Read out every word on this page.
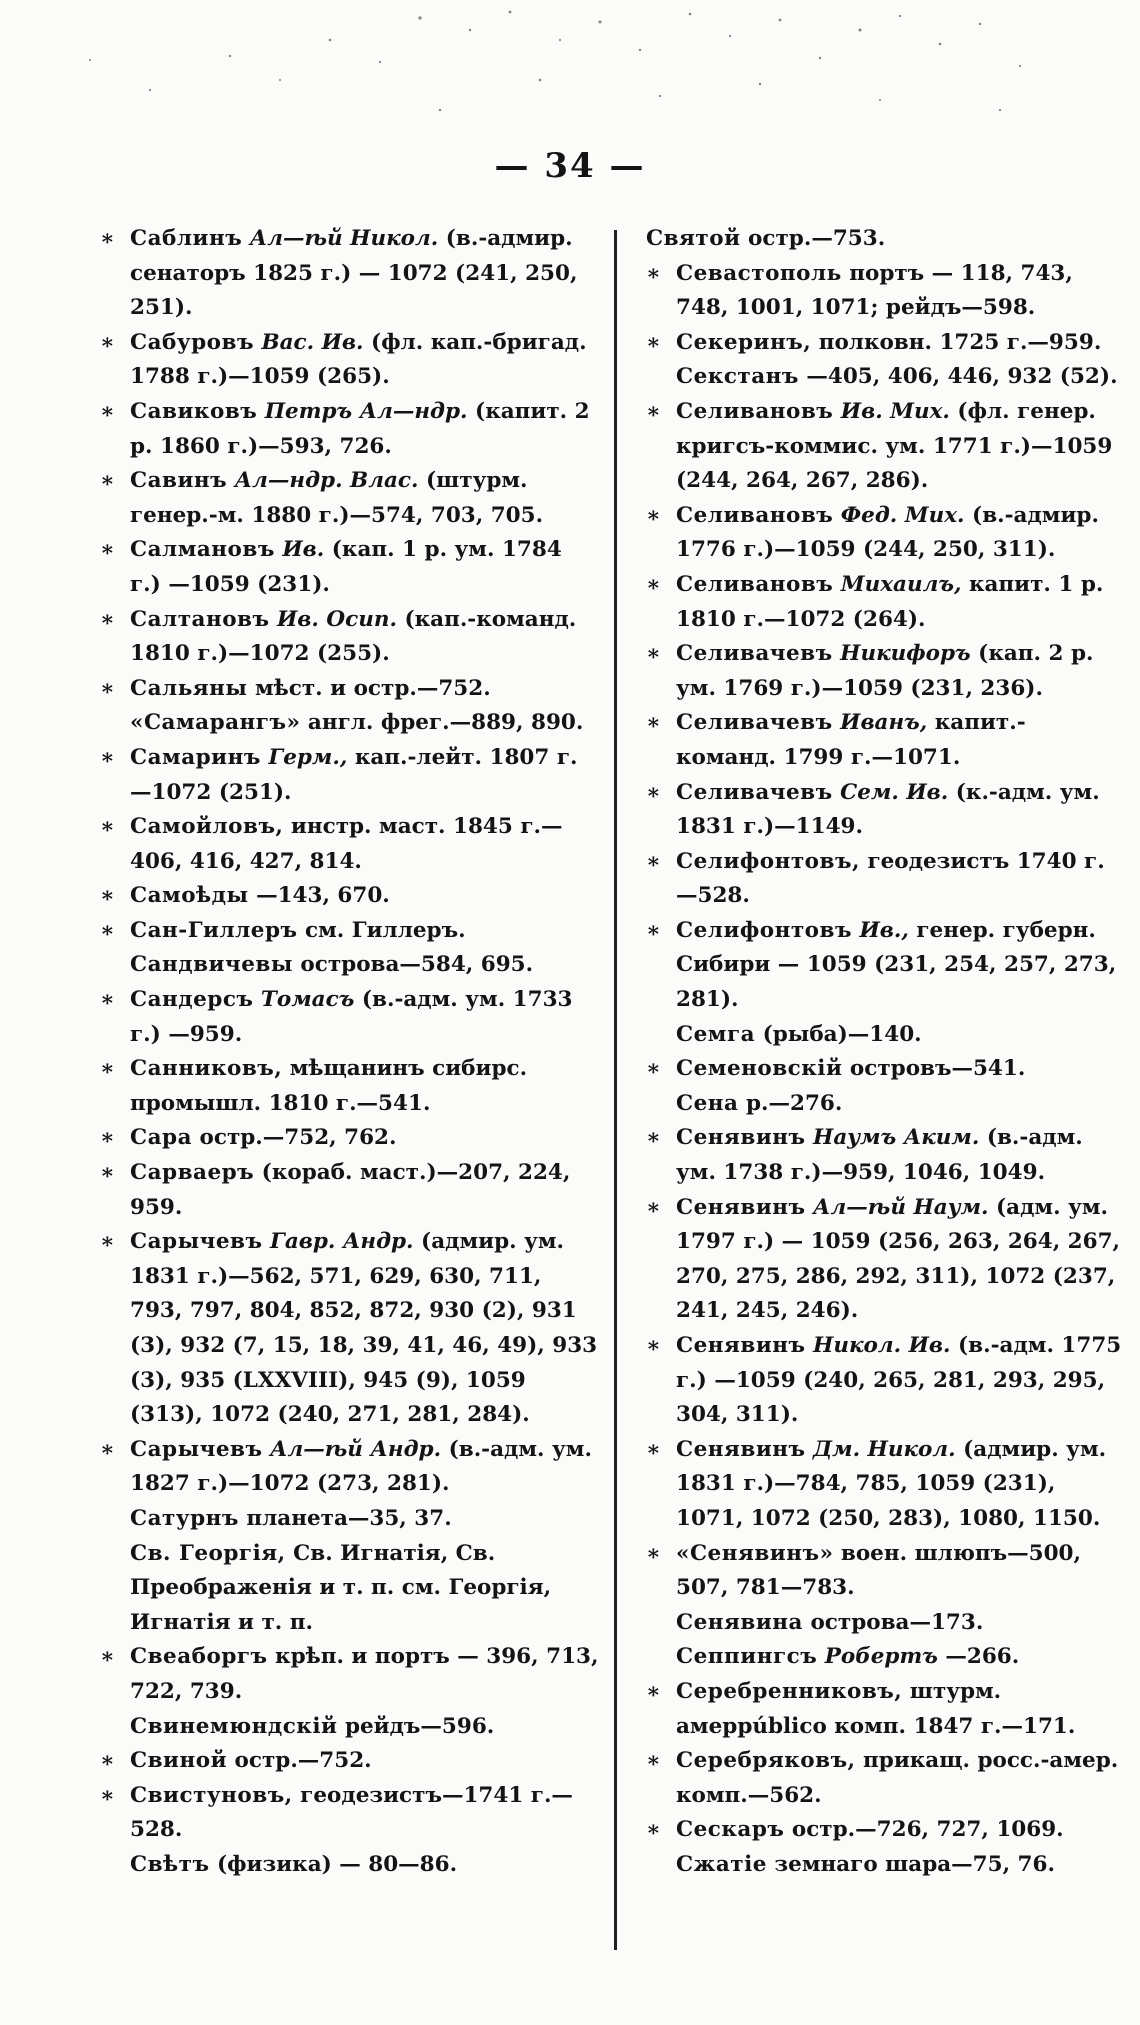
— 34 —
∗ Саблинъ Ал—ѣй Никол. (в.-адмир. сенаторъ 1825 г.) — 1072 (241, 250, 251).
∗ Сабуровъ Вас. Ив. (фл. кап.-бригад. 1788 г.)—1059 (265).
∗ Савиковъ Петръ Ал—ндр. (капит. 2 р. 1860 г.)—593, 726.
∗ Савинъ Ал—ндр. Влас. (штурм. генер.-м. 1880 г.)—574, 703, 705.
∗ Салмановъ Ив. (кап. 1 р. ум. 1784 г.) —1059 (231).
∗ Салтановъ Ив. Осип. (кап.-команд. 1810 г.)—1072 (255).
∗ Сальяны мѣст. и остр.—752.
«Самарангъ» англ. фрег.—889, 890.
∗ Самаринъ Герм., кап.-лейт. 1807 г. —1072 (251).
∗ Самойловъ, инстр. маст. 1845 г.—406, 416, 427, 814.
∗ Самоѣды —143, 670.
∗ Сан-Гиллеръ см. Гиллеръ.
Сандвичевы острова—584, 695.
∗ Сандерсъ Томасъ (в.-адм. ум. 1733 г.) —959.
∗ Санниковъ, мѣщанинъ сибирс. промышл. 1810 г.—541.
∗ Сара остр.—752, 762.
∗ Сарваеръ (кораб. маст.)—207, 224, 959.
∗ Сарычевъ Гавр. Андр. (адмир. ум. 1831 г.)—562, 571, 629, 630, 711, 793, 797, 804, 852, 872, 930 (2), 931 (3), 932 (7, 15, 18, 39, 41, 46, 49), 933 (3), 935 (LXXVIII), 945 (9), 1059 (313), 1072 (240, 271, 281, 284).
∗ Сарычевъ Ал—ѣй Андр. (в.-адм. ум. 1827 г.)—1072 (273, 281).
Сатурнъ планета—35, 37.
Св. Георгія, Св. Игнатія, Св. Преображенія и т. п. см. Георгія, Игнатія и т. п.
∗ Свеаборгъ крѣп. и портъ — 396, 713, 722, 739.
Свинемюндскій рейдъ—596.
∗ Свиной остр.—752.
∗ Свистуновъ, геодезистъ—1741 г.—528.
Свѣтъ (физика) — 80—86.
Святой остр.—753.
∗ Севастополь портъ — 118, 743, 748, 1001, 1071; рейдъ—598.
∗ Секеринъ, полковн. 1725 г.—959.
Секстанъ —405, 406, 446, 932 (52).
∗ Селивановъ Ив. Мих. (фл. генер. кригсъ-коммис. ум. 1771 г.)—1059 (244, 264, 267, 286).
∗ Селивановъ Фед. Мих. (в.-адмир. 1776 г.)—1059 (244, 250, 311).
∗ Селивановъ Михаилъ, капит. 1 р. 1810 г.—1072 (264).
∗ Селивачевъ Никифоръ (кап. 2 р. ум. 1769 г.)—1059 (231, 236).
∗ Селивачевъ Иванъ, капит.-команд. 1799 г.—1071.
∗ Селивачевъ Сем. Ив. (к.-адм. ум. 1831 г.)—1149.
∗ Селифонтовъ, геодезистъ 1740 г.—528.
∗ Селифонтовъ Ив., генер. губерн. Сибири — 1059 (231, 254, 257, 273, 281).
Семга (рыба)—140.
∗ Семеновскій островъ—541.
Сена р.—276.
∗ Сенявинъ Наумъ Аким. (в.-адм. ум. 1738 г.)—959, 1046, 1049.
∗ Сенявинъ Ал—ѣй Наум. (адм. ум. 1797 г.) — 1059 (256, 263, 264, 267, 270, 275, 286, 292, 311), 1072 (237, 241, 245, 246).
∗ Сенявинъ Никол. Ив. (в.-адм. 1775 г.) —1059 (240, 265, 281, 293, 295, 304, 311).
∗ Сенявинъ Дм. Никол. (адмир. ум. 1831 г.)—784, 785, 1059 (231), 1071, 1072 (250, 283), 1080, 1150.
∗ «Сенявинъ» воен. шлюпъ—500, 507, 781—783.
Сенявина острова—173.
Сеппингсъ Робертъ —266.
∗ Серебренниковъ, штурм. амерpúblico комп. 1847 г.—171.
∗ Серебряковъ, прикащ. росс.-амер. комп.—562.
∗ Сескаръ остр.—726, 727, 1069.
Сжатіе земнаго шара—75, 76.
